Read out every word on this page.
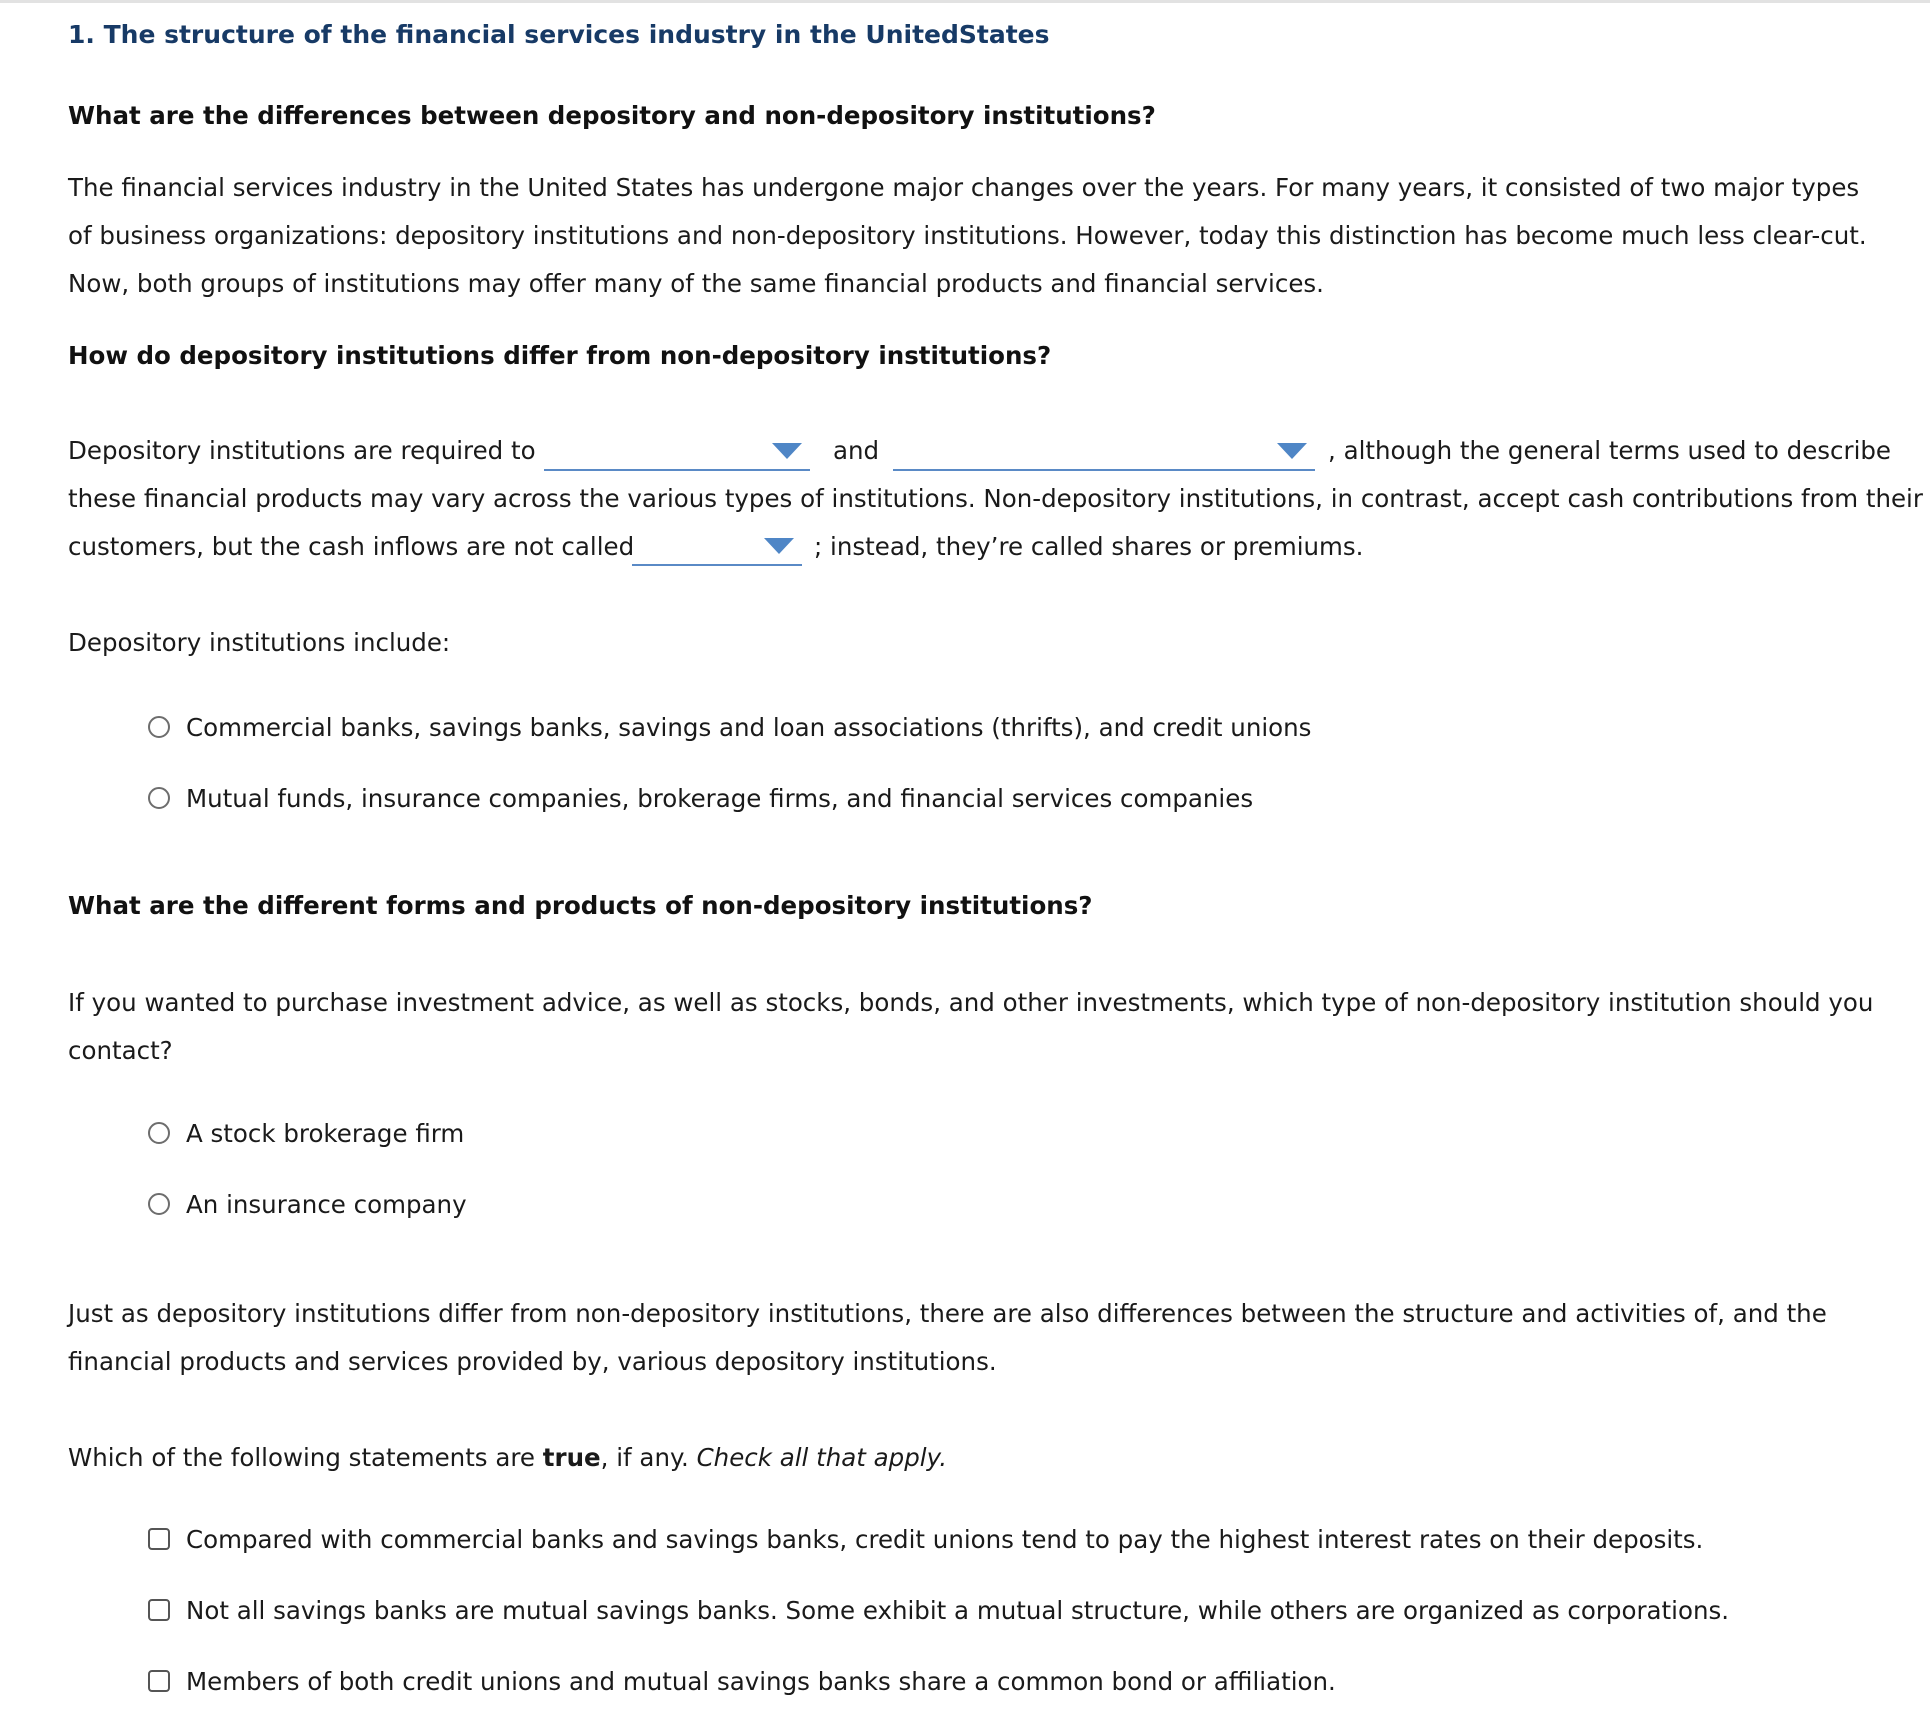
1. The structure of the financial services industry in the UnitedStates
What are the differences between depository and non-depository institutions?
The financial services industry in the United States has undergone major changes over the years. For many years, it consisted of two major types of business organizations: depository institutions and non-depository institutions. However, today this distinction has become much less clear-cut. Now, both groups of institutions may offer many of the same financial products and financial services.
How do depository institutions differ from non-depository institutions?
Depository institutions are required to	and	, although the general terms used to describe
these financial products may vary across the various types of institutions. Non-depository institutions, in contrast, accept cash contributions from their
customers, but the cash inflows are not called	; instead, they’re called shares or premiums.
Depository institutions include:
Commercial banks, savings banks, savings and loan associations (thrifts), and credit unions
Mutual funds, insurance companies, brokerage firms, and financial services companies
What are the different forms and products of non-depository institutions?
If you wanted to purchase investment advice, as well as stocks, bonds, and other investments, which type of non-depository institution should you contact?
A stock brokerage firm
An insurance company
Just as depository institutions differ from non-depository institutions, there are also differences between the structure and activities of, and the financial products and services provided by, various depository institutions.
Which of the following statements are true, if any. Check all that apply.
Compared with commercial banks and savings banks, credit unions tend to pay the highest interest rates on their deposits.
Not all savings banks are mutual savings banks. Some exhibit a mutual structure, while others are organized as corporations.
Members of both credit unions and mutual savings banks share a common bond or affiliation.
